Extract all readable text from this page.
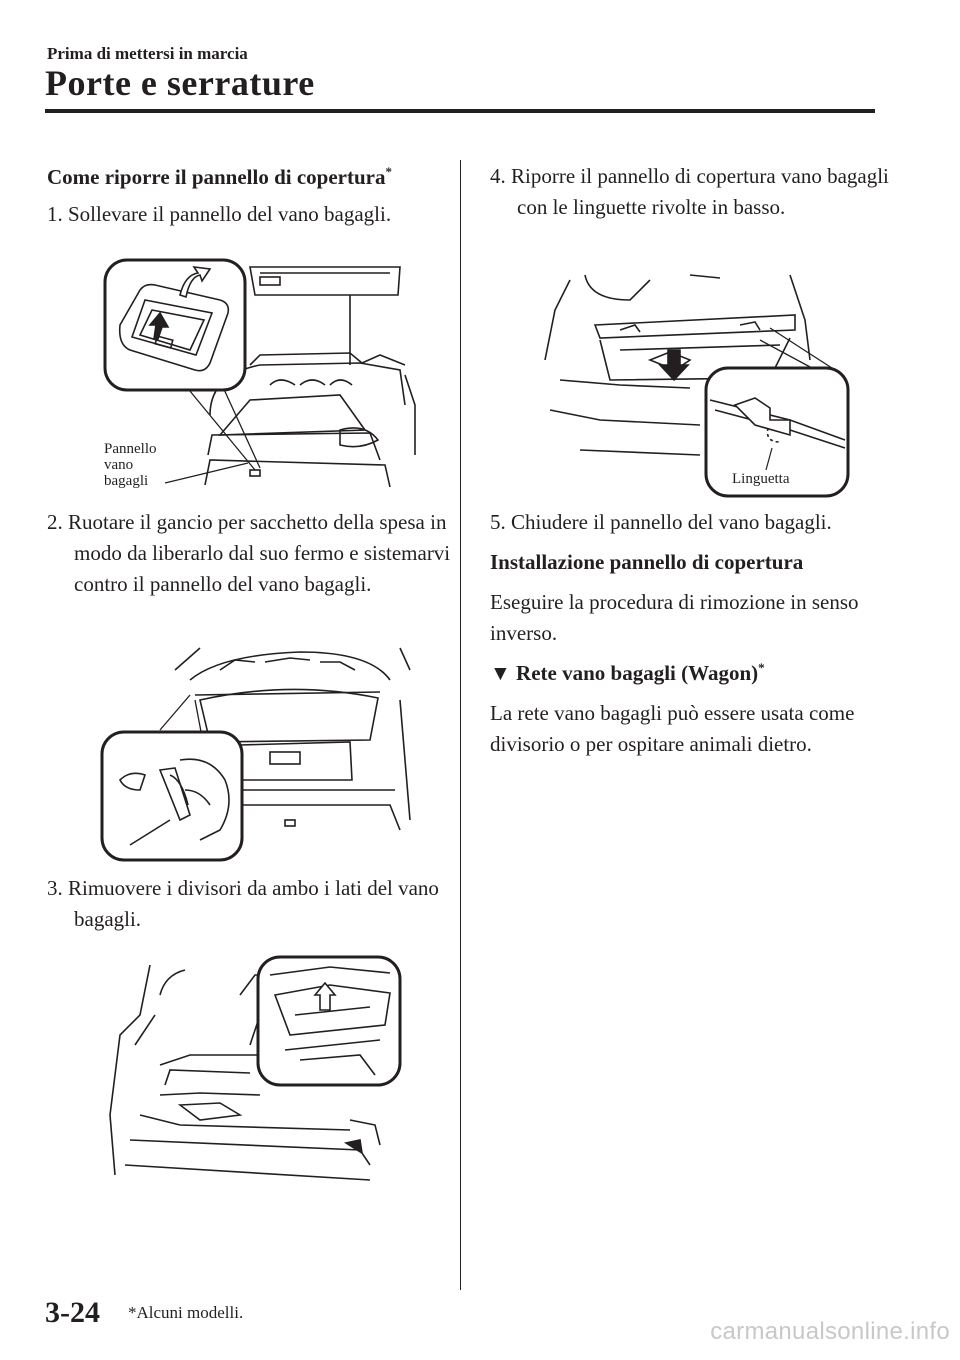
Prima di mettersi in marcia
Porte e serrature
Come riporre il pannello di copertura*
1. Sollevare il pannello del vano bagagli.
Pannello
vano
bagagli
2. Ruotare il gancio per sacchetto della spesa in modo da liberarlo dal suo fermo e sistemarvi contro il pannello del vano bagagli.
3. Rimuovere i divisori da ambo i lati del vano bagagli.
4. Riporre il pannello di copertura vano bagagli con le linguette rivolte in basso.
Linguetta
5. Chiudere il pannello del vano bagagli.
Installazione pannello di copertura
Eseguire la procedura di rimozione in senso inverso.
▼ Rete vano bagagli (Wagon)*
La rete vano bagagli può essere usata come divisorio o per ospitare animali dietro.
3-24 *Alcuni modelli.
carmanualsonline.info
